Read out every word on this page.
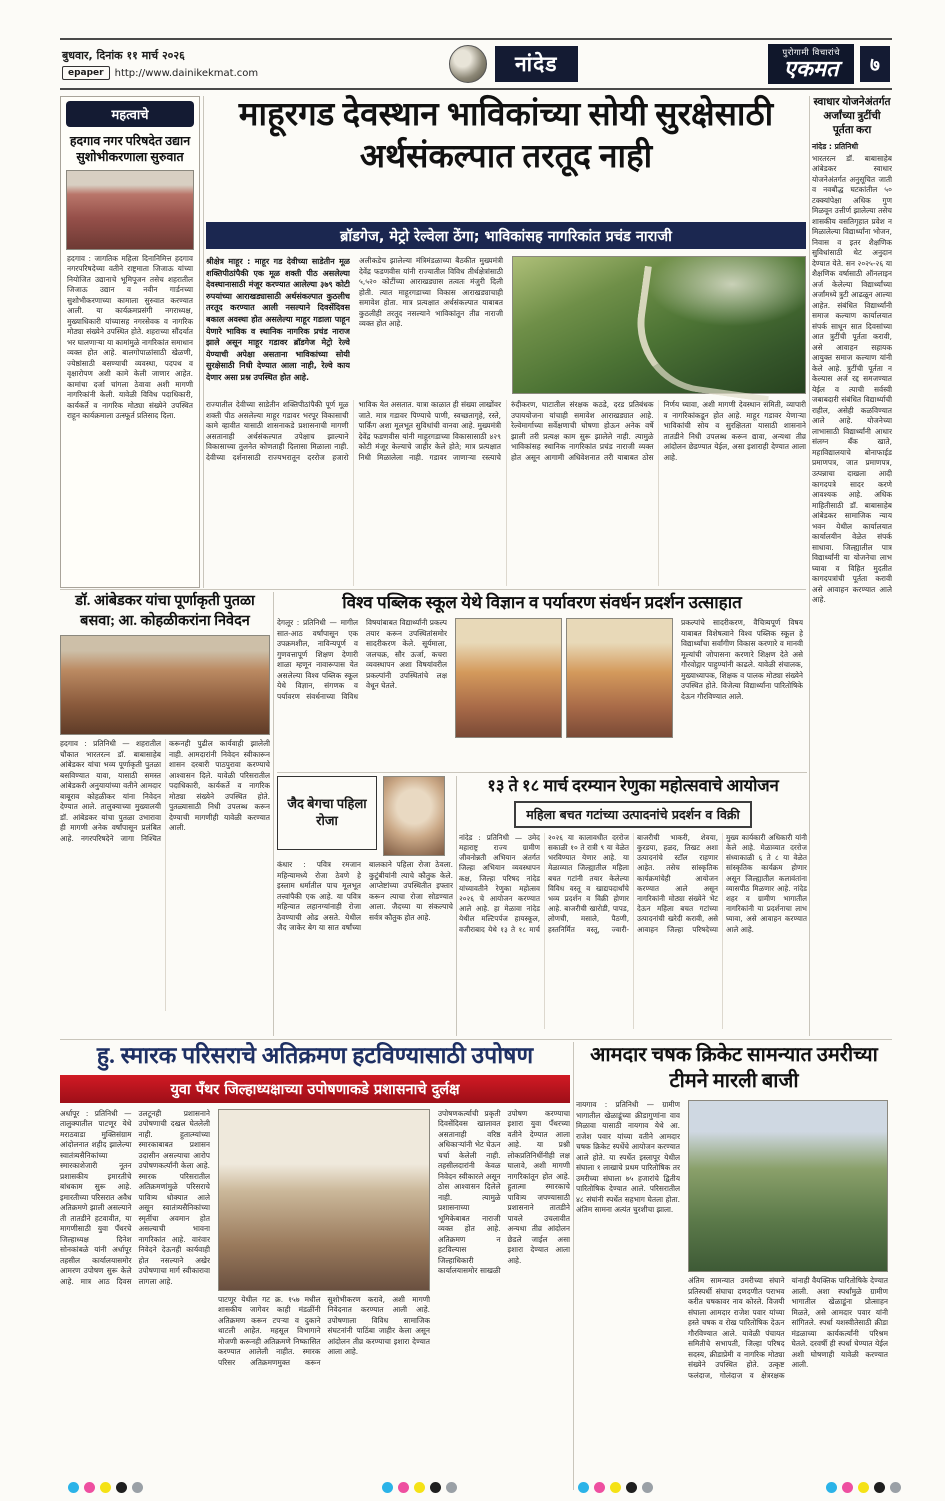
बुधवार, दिनांक ११ मार्च २०२६
epaper	http://www.dainikekmat.com	नांदेड	पुरोगामी विचारांचे
एकमत	७
महत्वाचे
हदगाव नगर परिषदेत उद्यान सुशोभीकरणाला सुरुवात
हदगाव : जागतिक महिला दिनानिमित्त हदगाव नगरपरिषदेच्या वतीने राष्ट्रमाता जिजाऊ यांच्या नियोजित उद्यानाचे भूमिपूजन तसेच शहरातील जिजाऊ उद्यान व नवीन गार्डनच्या सुशोभीकरणाच्या कामाला सुरुवात करण्यात आली. या कार्यक्रमप्रसंगी नगराध्यक्ष, मुख्याधिकारी यांच्यासह नगरसेवक व नागरिक मोठ्या संख्येने उपस्थित होते. शहराच्या सौंदर्यात भर घालणाऱ्या या कामांमुळे नागरिकांत समाधान व्यक्त होत आहे. बालगोपाळांसाठी खेळणी, ज्येष्ठांसाठी बसण्याची व्यवस्था, पदपथ व वृक्षारोपण अशी कामे केली जाणार आहेत. कामांचा दर्जा चांगला ठेवावा अशी मागणी नागरिकांनी केली. यावेळी विविध पदाधिकारी, कार्यकर्ते व नागरिक मोठ्या संख्येने उपस्थित राहून कार्यक्रमाला उत्स्फूर्त प्रतिसाद दिला.
माहूरगड देवस्थान भाविकांच्या सोयी सुरक्षेसाठी अर्थसंकल्पात तरतूद नाही
ब्रॉडगेज, मेट्रो रेल्वेला ठेंगा; भाविकांसह नागरिकांत प्रचंड नाराजी
श्रीक्षेत्र माहूर : माहूर गड देवीच्या साडेतीन मूळ शक्तिपीठांपैकी एक मूळ शक्ती पीठ असलेल्या देवस्थानासाठी मंजूर करण्यात आलेल्या ३७९ कोटी रुपयांच्या आराखड्यासाठी अर्थसंकल्पात कुठलीच तरतूद करण्यात आली नसल्याने दिवसेंदिवस बकाल अवस्था होत असलेल्या माहूर गडाला पाहून येणारे भाविक व स्थानिक नागरिक प्रचंड नाराज झाले असून माहूर गडावर ब्रॉडगेज मेट्रो रेल्वे येण्याची अपेक्षा असताना भाविकांच्या सोयी सुरक्षेसाठी निधी देण्यात आला नाही, रेल्वे काय देणार असा प्रश्न उपस्थित होत आहे.
अलीकडेच झालेल्या मंत्रिमंडळाच्या बैठकीत मुख्यमंत्री देवेंद्र फडणवीस यांनी राज्यातील विविध तीर्थक्षेत्रांसाठी ५,५२० कोटींच्या आराखड्यास तत्वतः मंजुरी दिली होती. त्यात माहूरगडाच्या विकास आराखड्याचाही समावेश होता. मात्र प्रत्यक्षात अर्थसंकल्पात याबाबत कुठलीही तरतूद नसल्याने भाविकांतून तीव्र नाराजी व्यक्त होत आहे.
राज्यातील देवीच्या साडेतीन शक्तिपीठांपैकी पूर्ण मूळ शक्ती पीठ असलेल्या माहूर गडावर भरपूर विकासाची कामे व्हावीत यासाठी शासनाकडे प्रशासनाची मागणी असतानाही अर्थसंकल्पात उपेक्षाच झाल्याने विकासाच्या तुलनेत कोणताही दिलासा मिळाला नाही. देवीच्या दर्शनासाठी राज्यभरातून दररोज हजारो भाविक येत असतात. यात्रा काळात ही संख्या लाखोंवर जाते. मात्र गडावर पिण्याचे पाणी, स्वच्छतागृहे, रस्ते, पार्किंग अशा मूलभूत सुविधांची वानवा आहे. मुख्यमंत्री देवेंद्र फडणवीस यांनी माहूरगडाच्या विकासासाठी ४२९ कोटी मंजूर केल्याचे जाहीर केले होते; मात्र प्रत्यक्षात निधी मिळालेला नाही. गडावर जाणाऱ्या रस्त्याचे रुंदीकरण, घाटातील संरक्षक कठडे, दरड प्रतिबंधक उपाययोजना यांचाही समावेश आराखड्यात आहे. रेल्वेमार्गाच्या सर्वेक्षणाची घोषणा होऊन अनेक वर्षे झाली तरी प्रत्यक्ष काम सुरू झालेले नाही. त्यामुळे भाविकांसह स्थानिक नागरिकांत प्रचंड नाराजी व्यक्त होत असून आगामी अधिवेशनात तरी याबाबत ठोस निर्णय घ्यावा, अशी मागणी देवस्थान समिती, व्यापारी व नागरिकांकडून होत आहे. माहूर गडावर येणाऱ्या भाविकांची सोय व सुरक्षितता यासाठी शासनाने तातडीने निधी उपलब्ध करून द्यावा, अन्यथा तीव्र आंदोलन छेडण्यात येईल, असा इशाराही देण्यात आला आहे.
स्वाधार योजनेअंतर्गत अर्जांच्या त्रुटींची पूर्तता करा
नांदेड : प्रतिनिधी
भारतरत्न डॉ. बाबासाहेब आंबेडकर स्वाधार योजनेअंतर्गत अनुसूचित जाती व नवबौद्ध घटकांतील ५० टक्क्यांपेक्षा अधिक गुण मिळवून उत्तीर्ण झालेल्या तसेच शासकीय वसतिगृहात प्रवेश न मिळालेल्या विद्यार्थ्यांना भोजन, निवास व इतर शैक्षणिक सुविधांसाठी थेट अनुदान देण्यात येते. सन २०२५-२६ या शैक्षणिक वर्षासाठी ऑनलाइन अर्ज केलेल्या विद्यार्थ्यांच्या अर्जांमध्ये त्रुटी आढळून आल्या आहेत. संबंधित विद्यार्थ्यांनी समाज कल्याण कार्यालयात संपर्क साधून सात दिवसांच्या आत त्रुटींची पूर्तता करावी, असे आवाहन सहायक आयुक्त समाज कल्याण यांनी केले आहे. त्रुटींची पूर्तता न केल्यास अर्ज रद्द समजण्यात येईल व त्याची सर्वस्वी जबाबदारी संबंधित विद्यार्थ्याची राहील, असेही कळविण्यात आले आहे. योजनेच्या लाभासाठी विद्यार्थ्यांनी आधार संलग्न बँक खाते, महाविद्यालयाचे बोनाफाईड प्रमाणपत्र, जात प्रमाणपत्र, उत्पन्नाचा दाखला आदी कागदपत्रे सादर करणे आवश्यक आहे. अधिक माहितीसाठी डॉ. बाबासाहेब आंबेडकर सामाजिक न्याय भवन येथील कार्यालयात कार्यालयीन वेळेत संपर्क साधावा. जिल्ह्यातील पात्र विद्यार्थ्यांनी या योजनेचा लाभ घ्यावा व विहित मुदतीत कागदपत्रांची पूर्तता करावी असे आवाहन करण्यात आले आहे.
डॉ. आंबेडकर यांचा पूर्णाकृती पुतळा बसवा; आ. कोहळीकरांना निवेदन
हदगाव : प्रतिनिधी — शहरातील चौकात भारतरत्न डॉ. बाबासाहेब आंबेडकर यांचा भव्य पूर्णाकृती पुतळा बसविण्यात यावा, यासाठी समस्त आंबेडकरी अनुयायांच्या वतीने आमदार बाबूराव कोहळीकर यांना निवेदन देण्यात आले. तालुक्याच्या मुख्यालयी डॉ. आंबेडकर यांचा पुतळा उभारावा ही मागणी अनेक वर्षांपासून प्रलंबित आहे. नगरपरिषदेने जागा निश्चित करूनही पुढील कार्यवाही झालेली नाही. आमदारांनी निवेदन स्वीकारून शासन दरबारी पाठपुरावा करण्याचे आश्वासन दिले. यावेळी परिसरातील पदाधिकारी, कार्यकर्ते व नागरिक मोठ्या संख्येने उपस्थित होते. पुतळ्यासाठी निधी उपलब्ध करून देण्याची मागणीही यावेळी करण्यात आली.
विश्व पब्लिक स्कूल येथे विज्ञान व पर्यावरण संवर्धन प्रदर्शन उत्साहात
देगलूर : प्रतिनिधी — मागील सात-आठ वर्षांपासून एक उपक्रमशील, नाविन्यपूर्ण व गुणवत्तापूर्ण शिक्षण देणारी शाळा म्हणून नावारूपास येत असलेल्या विश्व पब्लिक स्कूल येथे विज्ञान, संगणक व पर्यावरण संवर्धनाच्या विविध विषयांबाबत विद्यार्थ्यांनी प्रकल्प तयार करून उपस्थितांसमोर सादरीकरण केले. सूर्यमाला, जलचक्र, सौर ऊर्जा, कचरा व्यवस्थापन अशा विषयांवरील प्रकल्पांनी उपस्थितांचे लक्ष वेधून घेतले.
प्रकल्पांचे सादरीकरण, वैचित्र्यपूर्ण विषय याबाबत विशेषत्वाने विश्व पब्लिक स्कूल हे विद्यार्थ्यांचा सर्वांगीण विकास करणारे व मानवी मूल्यांची जोपासना करणारे शिक्षण देते असे गौरवोद्गार पाहुण्यांनी काढले. यावेळी संचालक, मुख्याध्यापक, शिक्षक व पालक मोठ्या संख्येने उपस्थित होते. विजेत्या विद्यार्थ्यांना पारितोषिके देऊन गौरविण्यात आले.
जैद बेगचा पहिला रोजा
कंधार : पवित्र रमजान महिन्यामध्ये रोजा ठेवणे हे इस्लाम धर्मातील पाच मूलभूत तत्त्वांपैकी एक आहे. या पवित्र महिन्यात लहानग्यांनाही रोजा ठेवण्याची ओढ असते. येथील जैद जाकेर बेग या सात वर्षांच्या बालकाने पहिला रोजा ठेवला. कुटुंबीयांनी त्याचे कौतुक केले. आप्तेष्टांच्या उपस्थितीत इफ्तार करून त्याचा रोजा सोडण्यात आला. जैदच्या या संकल्पाचे सर्वत्र कौतुक होत आहे.
१३ ते १८ मार्च दरम्यान रेणुका महोत्सवाचे आयोजन
महिला बचत गटांच्या उत्पादनांचे प्रदर्शन व विक्री
नांदेड : प्रतिनिधी — उमेद महाराष्ट्र राज्य ग्रामीण जीवनोन्नती अभियान अंतर्गत जिल्हा अभियान व्यवस्थापन कक्ष, जिल्हा परिषद नांदेड यांच्यावतीने रेणुका महोत्सव २०२६ चे आयोजन करण्यात आले आहे. हा मेळावा नांदेड येथील मल्टिपर्पज हायस्कूल, वजीराबाद येथे १३ ते १८ मार्च २०२६ या कालावधीत दररोज सकाळी १० ते रात्री ९ या वेळेत भरविण्यात येणार आहे. या मेळाव्यात जिल्ह्यातील महिला बचत गटांनी तयार केलेल्या विविध वस्तू व खाद्यपदार्थांचे भव्य प्रदर्शन व विक्री होणार आहे. बाजरीची खारोडी, पापड, लोणची, मसाले, पैठणी, हस्तनिर्मित वस्तू, ज्वारी-बाजरीची भाकरी, शेवया, कुरडया, हळद, तिखट अशा उत्पादनांचे स्टॉल राहणार आहेत. तसेच सांस्कृतिक कार्यक्रमांचेही आयोजन करण्यात आले असून नागरिकांनी मोठ्या संख्येने भेट देऊन महिला बचत गटांच्या उत्पादनांची खरेदी करावी, असे आवाहन जिल्हा परिषदेच्या मुख्य कार्यकारी अधिकारी यांनी केले आहे. मेळाव्यात दररोज संध्याकाळी ६ ते ८ या वेळेत सांस्कृतिक कार्यक्रम होणार असून जिल्ह्यातील कलावंतांना व्यासपीठ मिळणार आहे. नांदेड शहर व ग्रामीण भागातील नागरिकांनी या प्रदर्शनाचा लाभ घ्यावा, असे आवाहन करण्यात आले आहे.
हु. स्मारक परिसराचे अतिक्रमण हटविण्यासाठी उपोषण
युवा पँथर जिल्हाध्यक्षाच्या उपोषणाकडे प्रशासनाचे दुर्लक्ष
अर्धापूर : प्रतिनिधी — तालुक्यातील पाटणूर येथे मराठवाडा मुक्तिसंग्राम आंदोलनात शहीद झालेल्या स्वातंत्र्यसैनिकांच्या स्मारकाशेजारी नूतन प्रशासकीय इमारतीचे बांधकाम सुरू आहे. इमारतीच्या परिसरात अवैध अतिक्रमणे झाली असल्याने ती तातडीने हटवावीत, या मागणीसाठी युवा पँथरचे जिल्हाध्यक्ष दिनेश सोनकांबळे यांनी अर्धापूर तहसील कार्यालयासमोर आमरण उपोषण सुरू केले आहे. मात्र आठ दिवस उलटूनही प्रशासनाने उपोषणाची दखल घेतलेली नाही. हुतात्म्यांच्या स्मारकाबाबत प्रशासन उदासीन असल्याचा आरोप उपोषणकर्त्यांनी केला आहे. स्मारक परिसरातील अतिक्रमणांमुळे परिसराचे पावित्र्य धोक्यात आले असून स्वातंत्र्यसैनिकांच्या स्मृतींचा अवमान होत असल्याची भावना नागरिकांत आहे. वारंवार निवेदने देऊनही कार्यवाही होत नसल्याने अखेर उपोषणाचा मार्ग स्वीकारावा लागला आहे.
पाटणूर येथील गट क्र. १५७ मधील शासकीय जागेवर काही मंडळींनी अतिक्रमण करून टपऱ्या व दुकाने थाटली आहेत. महसूल विभागाने मोजणी करूनही अतिक्रमणे निष्कासित करण्यात आलेली नाहीत. स्मारक परिसर अतिक्रमणमुक्त करून सुशोभीकरण करावे, अशी मागणी निवेदनात करण्यात आली आहे. उपोषणाला विविध सामाजिक संघटनांनी पाठिंबा जाहीर केला असून आंदोलन तीव्र करण्याचा इशारा देण्यात आला आहे.
उपोषणकर्त्याची प्रकृती दिवसेंदिवस खालावत असतानाही वरिष्ठ अधिकाऱ्यांनी भेट घेऊन चर्चा केलेली नाही. तहसीलदारांनी केवळ निवेदन स्वीकारले असून ठोस आश्वासन दिलेले नाही. त्यामुळे प्रशासनाच्या भूमिकेबाबत नाराजी व्यक्त होत आहे. अतिक्रमण न हटविल्यास जिल्हाधिकारी कार्यालयासमोर साखळी उपोषण करण्याचा इशारा युवा पँथरच्या वतीने देण्यात आला आहे. या प्रश्नी लोकप्रतिनिधींनीही लक्ष घालावे, अशी मागणी नागरिकांतून होत आहे. हुतात्मा स्मारकाचे पावित्र्य जपण्यासाठी प्रशासनाने तातडीने पावले उचलावीत अन्यथा तीव्र आंदोलन छेडले जाईल असा इशारा देण्यात आला आहे.
आमदार चषक क्रिकेट सामन्यात उमरीच्या टीमने मारली बाजी
नायगाव : प्रतिनिधी — ग्रामीण भागातील खेळाडूंच्या क्रीडागुणांना वाव मिळावा यासाठी नायगाव येथे आ. राजेश पवार यांच्या वतीने आमदार चषक क्रिकेट स्पर्धेचे आयोजन करण्यात आले होते. या स्पर्धेत इस्लापूर येथील संघाला १ लाखाचे प्रथम पारितोषिक तर उमरीच्या संघाला ७५ हजारांचे द्वितीय पारितोषिक देण्यात आले. परिसरातील ४८ संघांनी स्पर्धेत सहभाग घेतला होता. अंतिम सामना अत्यंत चुरशीचा झाला.
अंतिम सामन्यात उमरीच्या संघाने प्रतिस्पर्धी संघाचा दणदणीत पराभव करीत चषकावर नाव कोरले. विजयी संघाला आमदार राजेश पवार यांच्या हस्ते चषक व रोख पारितोषिक देऊन गौरविण्यात आले. यावेळी पंचायत समितीचे सभापती, जिल्हा परिषद सदस्य, क्रीडाप्रेमी व नागरिक मोठ्या संख्येने उपस्थित होते. उत्कृष्ट फलंदाज, गोलंदाज व क्षेत्ररक्षक यांनाही वैयक्तिक पारितोषिके देण्यात आली. अशा स्पर्धांमुळे ग्रामीण भागातील खेळाडूंना प्रोत्साहन मिळते, असे आमदार पवार यांनी सांगितले. स्पर्धा यशस्वीतेसाठी क्रीडा मंडळाच्या कार्यकर्त्यांनी परिश्रम घेतले. दरवर्षी ही स्पर्धा घेण्यात येईल अशी घोषणाही यावेळी करण्यात आली.
